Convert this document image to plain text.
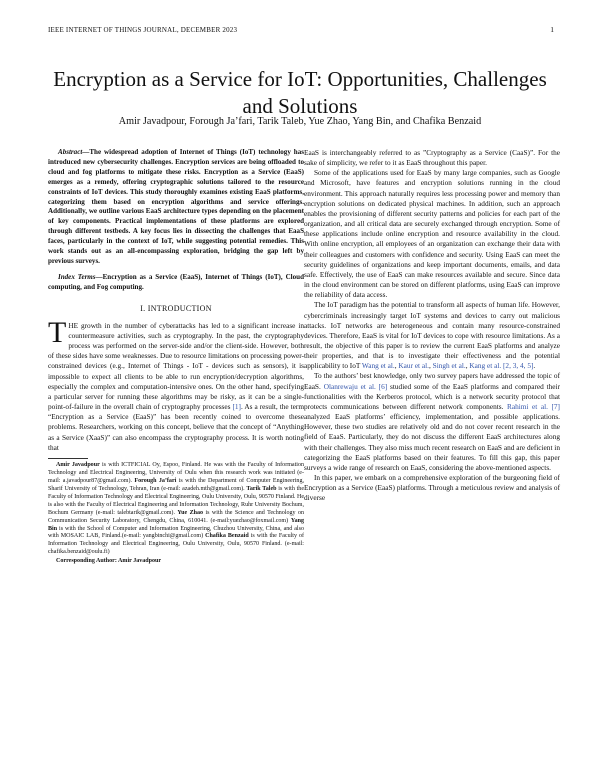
IEEE INTERNET OF THINGS JOURNAL, DECEMBER 2023	1
Encryption as a Service for IoT: Opportunities, Challenges and Solutions
Amir Javadpour, Forough Ja’fari, Tarik Taleb, Yue Zhao, Yang Bin, and Chafika Benzaid

Abstract—The widespread adoption of Internet of Things (IoT) technology has introduced new cybersecurity challenges. Encryption services are being offloaded to cloud and fog platforms to mitigate these risks. Encryption as a Service (EaaS) emerges as a remedy, offering cryptographic solutions tailored to the resource constraints of IoT devices. This study thoroughly examines existing EaaS platforms, categorizing them based on encryption algorithms and service offerings. Additionally, we outline various EaaS architecture types depending on the placement of key components. Practical implementations of these platforms are explored through different testbeds. A key focus lies in dissecting the challenges that EaaS faces, particularly in the context of IoT, while suggesting potential remedies. This work stands out as an all-encompassing exploration, bridging the gap left by previous surveys.

Index Terms—Encryption as a Service (EaaS), Internet of Things (IoT), Cloud computing, and Fog computing.

I. INTRODUCTION

THE growth in the number of cyberattacks has led to a significant increase in countermeasure activities, such as cryptography. In the past, the cryptography process was performed on the server-side and/or the client-side. However, both of these sides have some weaknesses. Due to resource limitations on processing power-constrained devices (e.g., Internet of Things - IoT - devices such as sensors), it is impossible to expect all clients to be able to run encryption/decryption algorithms, especially the complex and computation-intensive ones. On the other hand, specifying a particular server for running these algorithms may be risky, as it can be a single-point-of-failure in the overall chain of cryptography processes [1]. As a result, the term “Encryption as a Service (EaaS)” has been recently coined to overcome these problems. Researchers, working on this concept, believe that the concept of “Anything as a Service (XaaS)” can also encompass the cryptography process. It is worth noting that

Amir Javadpour is with ICTFICIAL Oy, Espoo, Finland. He was with the Faculty of Information Technology and Electrical Engineering, University of Oulu when this research work was initiated (e-mail: a.javadpour87@gmail.com). Forough Ja’fari is with the Department of Computer Engineering, Sharif University of Technology, Tehran, Iran (e-mail: azadeh.mth@gmail.com). Tarik Taleb is with the Faculty of Information Technology and Electrical Engineering, Oulu University, Oulu, 90570 Finland. He is also with the Faculty of Electrical Engineering and Information Technology, Ruhr University Bochum, Bochum Germany (e-mail: talebtarik@gmail.com). Yue Zhao is with the Science and Technology on Communication Security Laboratory, Chengdu, China, 610041. (e-mail:yuezhao@foxmail.com) Yang Bin is with the School of Computer and Information Engineering, Chuzhou University, China, and also with MOSAIC LAB, Finland.(e-mail: yangbinchi@gmail.com) Chafika Benzaid is with the Faculty of Information Technology and Electrical Engineering, Oulu University, Oulu, 90570 Finland. (e-mail: chafika.benzaid@oulu.fi)

Corresponding Author: Amir Javadpour

EaaS is interchangeably referred to as ”Cryptography as a Service (CaaS)”. For the sake of simplicity, we refer to it as EaaS throughout this paper.

Some of the applications used for EaaS by many large companies, such as Google and Microsoft, have features and encryption solutions running in the cloud environment. This approach naturally requires less processing power and memory than encryption solutions on dedicated physical machines. In addition, such an approach enables the provisioning of different security patterns and policies for each part of the organization, and all critical data are securely exchanged through encryption. Some of these applications include online encryption and resource availability in the cloud. With online encryption, all employees of an organization can exchange their data with their colleagues and customers with confidence and security. Using EaaS can meet the security guidelines of organizations and keep important documents, emails, and data safe. Effectively, the use of EaaS can make resources available and secure. Since data in the cloud environment can be stored on different platforms, using EaaS can improve the reliability of data access.

The IoT paradigm has the potential to transform all aspects of human life. However, cybercriminals increasingly target IoT systems and devices to carry out malicious attacks. IoT networks are heterogeneous and contain many resource-constrained devices. Therefore, EaaS is vital for IoT devices to cope with resource limitations. As a result, the objective of this paper is to review the current EaaS platforms and analyze their properties, and that is to investigate their effectiveness and the potential applicability to IoT Wang et al., Kaur et al., Singh et al., Kang et al. [2, 3, 4, 5].

To the authors’ best knowledge, only two survey papers have addressed the topic of EaaS. Olanrewaju et al. [6] studied some of the EaaS platforms and compared their functionalities with the Kerberos protocol, which is a network security protocol that protects communications between different network components. Rahimi et al. [7] analyzed EaaS platforms’ efficiency, implementation, and possible applications. However, these two studies are relatively old and do not cover recent research in the field of EaaS. Particularly, they do not discuss the different EaaS architectures along with their challenges. They also miss much recent research on EaaS and are deficient in categorizing the EaaS platforms based on their features. To fill this gap, this paper surveys a wide range of research on EaaS, considering the above-mentioned aspects.

In this paper, we embark on a comprehensive exploration of the burgeoning field of Encryption as a Service (EaaS) platforms. Through a meticulous review and analysis of diverse
